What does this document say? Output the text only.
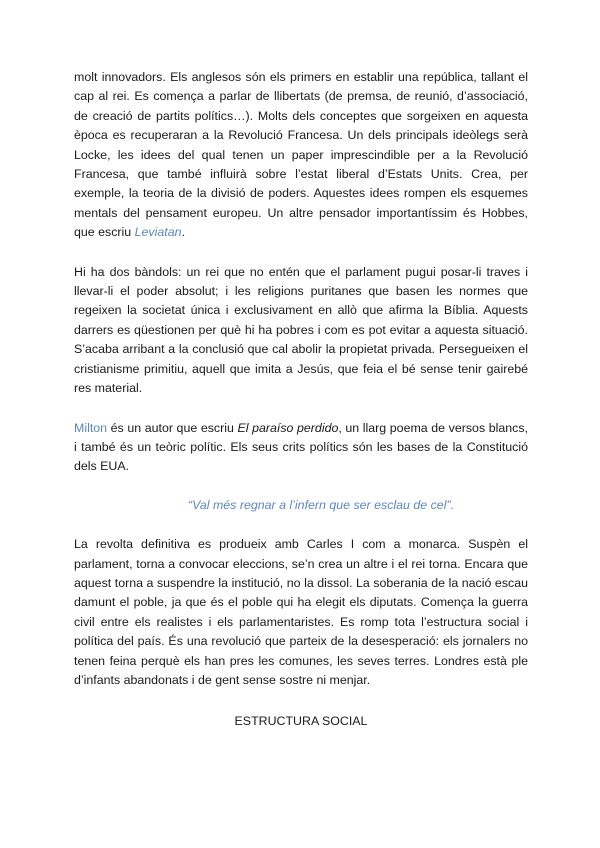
molt innovadors. Els anglesos són els primers en establir una república, tallant el cap al rei. Es comença a parlar de llibertats (de premsa, de reunió, d’associació, de creació de partits polítics…). Molts dels conceptes que sorgeixen en aquesta època es recuperaran a la Revolució Francesa. Un dels principals ideòlegs serà Locke, les idees del qual tenen un paper imprescindible per a la Revolució Francesa, que també influirà sobre l’estat liberal d’Estats Units. Crea, per exemple, la teoria de la divisió de poders. Aquestes idees rompen els esquemes mentals del pensament europeu. Un altre pensador importantíssim és Hobbes, que escriu Leviatan.

Hi ha dos bàndols: un rei que no entén que el parlament pugui posar-li traves i llevar-li el poder absolut; i les religions puritanes que basen les normes que regeixen la societat única i exclusivament en allò que afirma la Bíblia. Aquests darrers es qüestionen per què hi ha pobres i com es pot evitar a aquesta situació. S’acaba arribant a la conclusió que cal abolir la propietat privada. Persegueixen el cristianisme primitiu, aquell que imita a Jesús, que feia el bé sense tenir gairebé res material.

Milton és un autor que escriu El paraíso perdido, un llarg poema de versos blancs, i també és un teòric polític. Els seus crits polítics són les bases de la Constitució dels EUA.

“Val més regnar a l’infern que ser esclau de cel”.

La revolta definitiva es produeix amb Carles I com a monarca. Suspèn el parlament, torna a convocar eleccions, se’n crea un altre i el rei torna. Encara que aquest torna a suspendre la institució, no la dissol. La soberania de la nació escau damunt el poble, ja que és el poble qui ha elegit els diputats. Comença la guerra civil entre els realistes i els parlamentaristes. Es romp tota l’estructura social i política del país. És una revolució que parteix de la desesperació: els jornalers no tenen feina perquè els han pres les comunes, les seves terres. Londres està ple d’infants abandonats i de gent sense sostre ni menjar.

ESTRUCTURA SOCIAL
